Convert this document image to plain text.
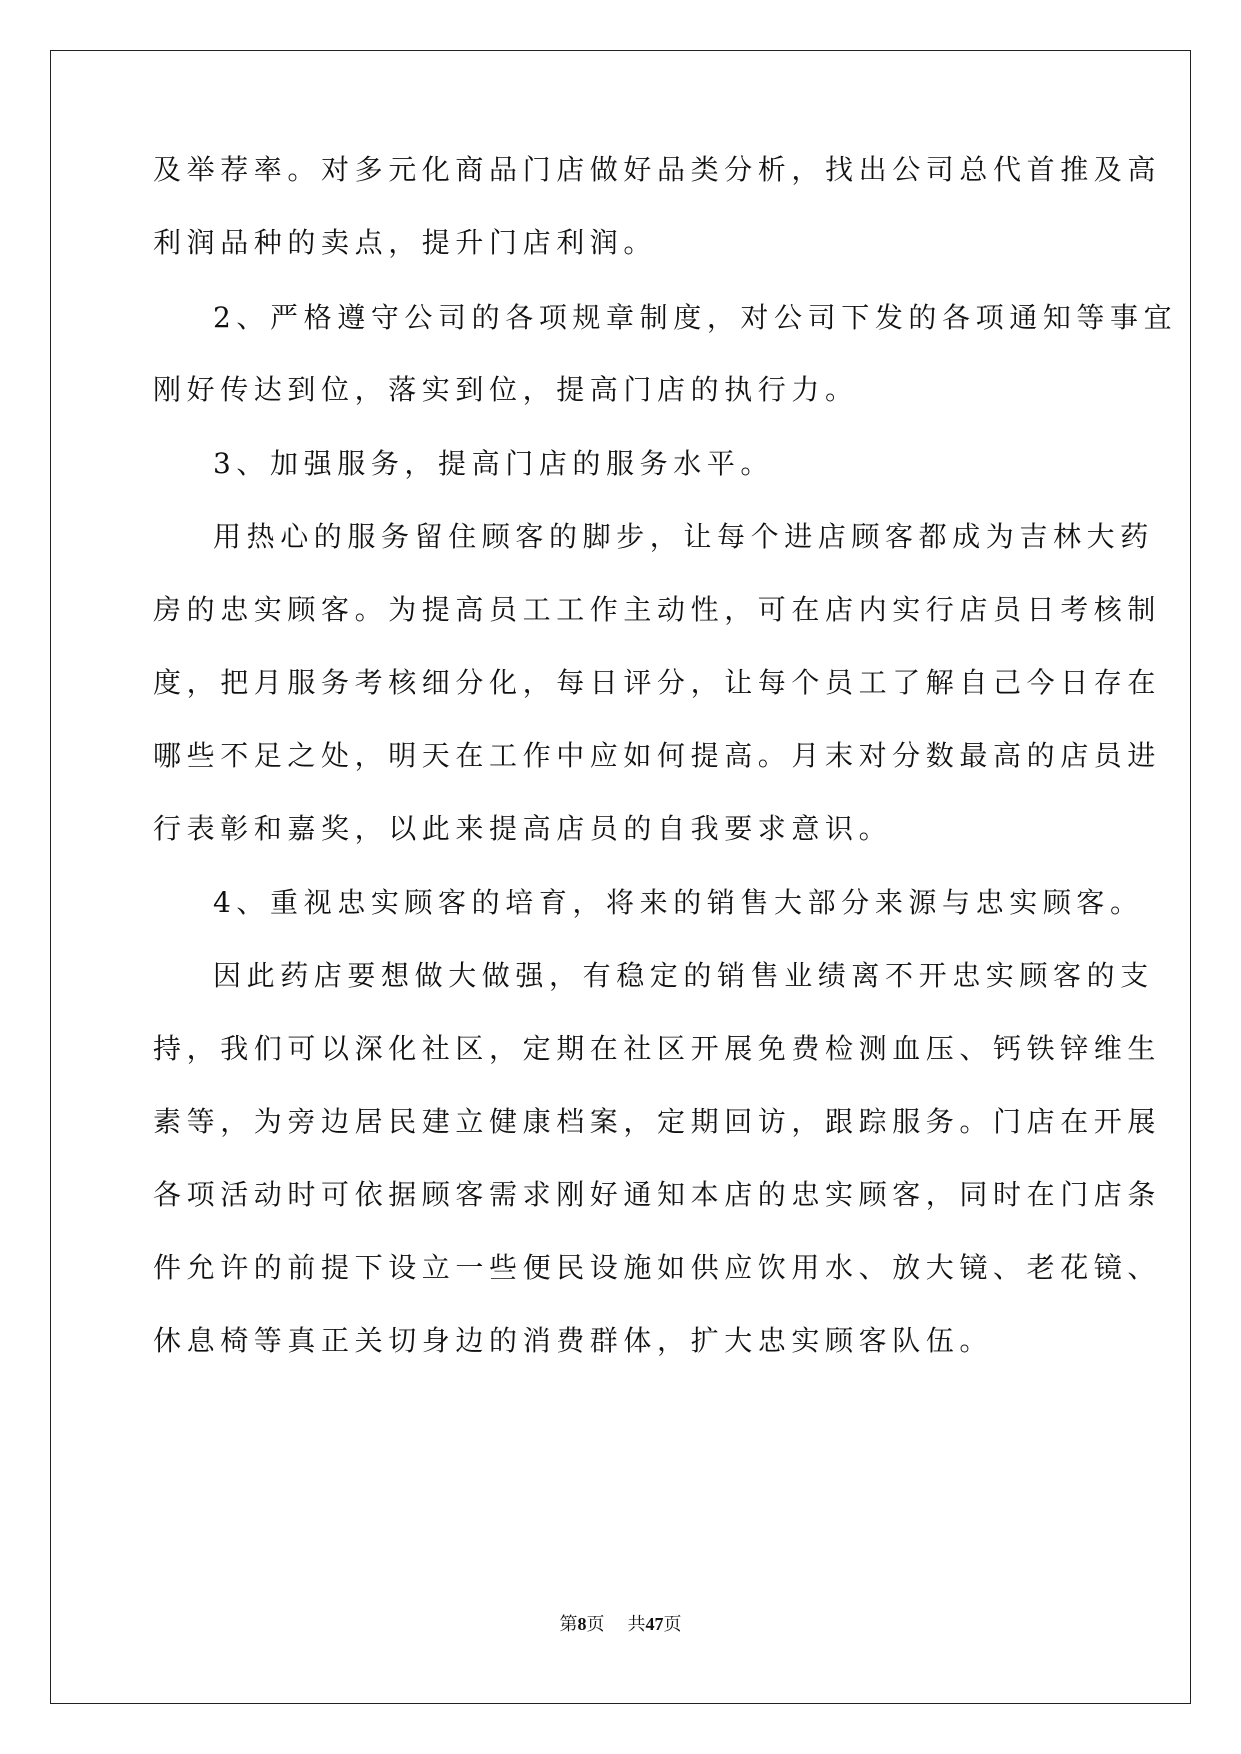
及举荐率。对多元化商品门店做好品类分析，找出公司总代首推及高
利润品种的卖点，提升门店利润。
2、严格遵守公司的各项规章制度，对公司下发的各项通知等事宜
刚好传达到位，落实到位，提高门店的执行力。
3、加强服务，提高门店的服务水平。
用热心的服务留住顾客的脚步，让每个进店顾客都成为吉林大药
房的忠实顾客。为提高员工工作主动性，可在店内实行店员日考核制
度，把月服务考核细分化，每日评分，让每个员工了解自己今日存在
哪些不足之处，明天在工作中应如何提高。月末对分数最高的店员进
行表彰和嘉奖，以此来提高店员的自我要求意识。
4、重视忠实顾客的培育，将来的销售大部分来源与忠实顾客。
因此药店要想做大做强，有稳定的销售业绩离不开忠实顾客的支
持，我们可以深化社区，定期在社区开展免费检测血压、钙铁锌维生
素等，为旁边居民建立健康档案，定期回访，跟踪服务。门店在开展
各项活动时可依据顾客需求刚好通知本店的忠实顾客，同时在门店条
件允许的前提下设立一些便民设施如供应饮用水、放大镜、老花镜、
休息椅等真正关切身边的消费群体，扩大忠实顾客队伍。
第8页 共47页
